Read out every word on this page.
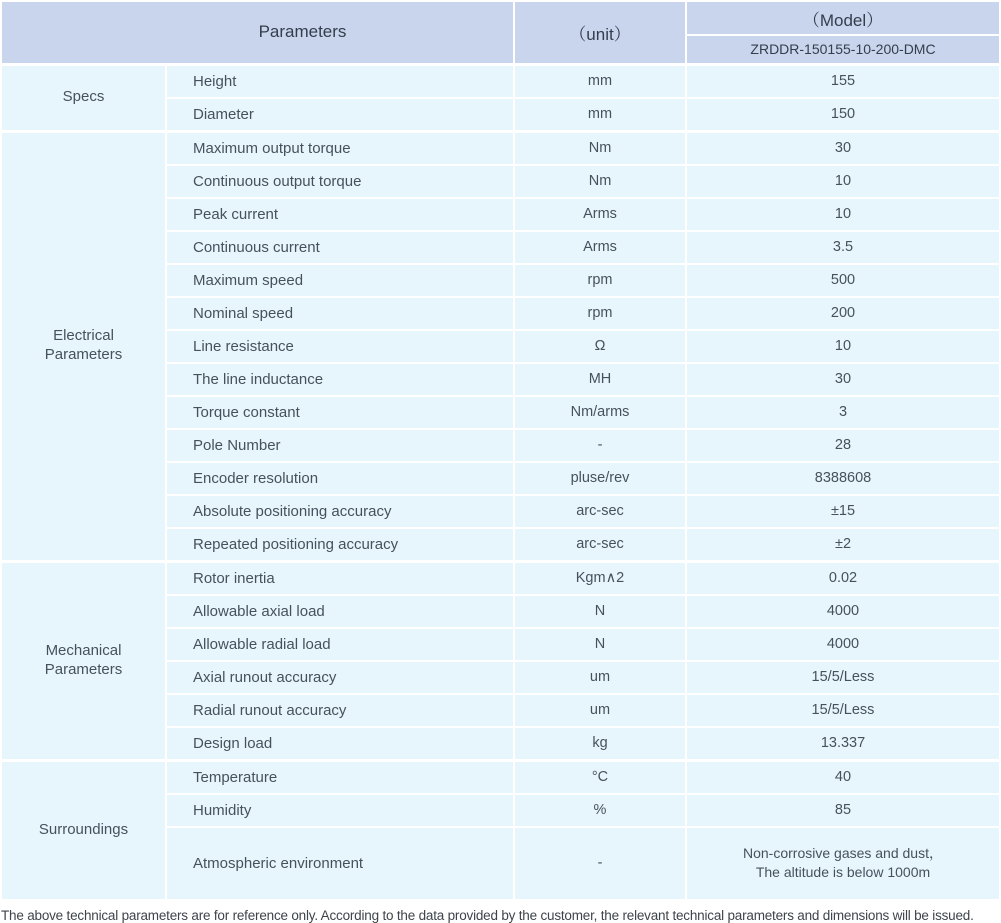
Parameters		（unit）	（Model）
			ZRDDR-150155-10-200-DMC

Specs	Height	mm	155
	Diameter	mm	150

Electrical Parameters	Maximum output torque	Nm	30
	Continuous output torque	Nm	10
	Peak current	Arms	10
	Continuous current	Arms	3.5
	Maximum speed	rpm	500
	Nominal speed	rpm	200
	Line resistance	Ω	10
	The line inductance	MH	30
	Torque constant	Nm/arms	3
	Pole Number	-	28
	Encoder resolution	pluse/rev	8388608
	Absolute positioning accuracy	arc-sec	±15
	Repeated positioning accuracy	arc-sec	±2

Mechanical Parameters	Rotor inertia	Kgm∧2	0.02
	Allowable axial load	N	4000
	Allowable radial load	N	4000
	Axial runout accuracy	um	15/5/Less
	Radial runout accuracy	um	15/5/Less
	Design load	kg	13.337

Surroundings	Temperature	°C	40
	Humidity	%	85
	Atmospheric environment	-	Non-corrosive gases and dust，
The altitude is below 1000m

The above technical parameters are for reference only. According to the data provided by the customer, the relevant technical parameters and dimensions will be issued.
